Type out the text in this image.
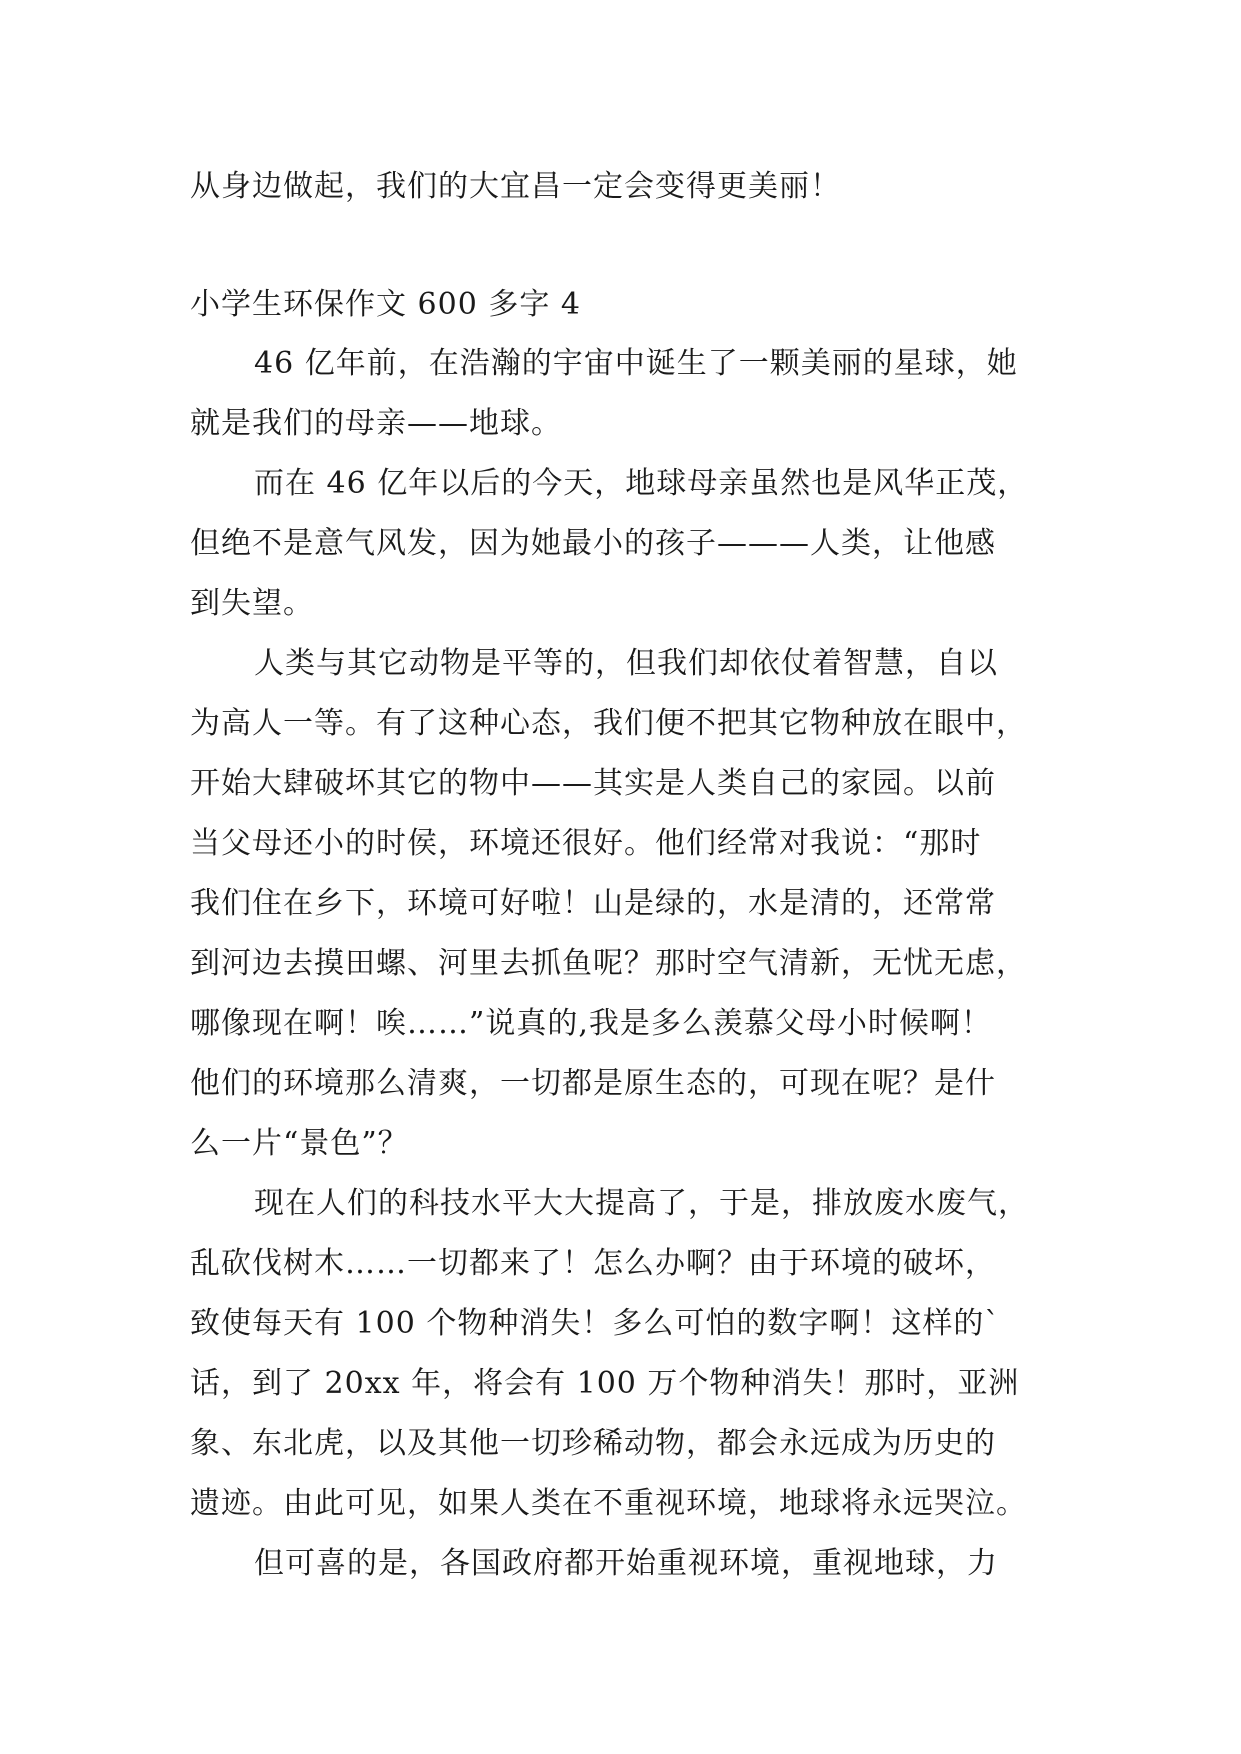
从身边做起，我们的大宜昌一定会变得更美丽！
小学生环保作文 600 多字 4
46 亿年前，在浩瀚的宇宙中诞生了一颗美丽的星球，她
就是我们的母亲——地球。
而在 46 亿年以后的今天，地球母亲虽然也是风华正茂，
但绝不是意气风发，因为她最小的孩子———人类，让他感
到失望。
人类与其它动物是平等的，但我们却依仗着智慧，自以
为高人一等。有了这种心态，我们便不把其它物种放在眼中，
开始大肆破坏其它的物中——其实是人类自己的家园。以前
当父母还小的时侯，环境还很好。他们经常对我说：“那时
我们住在乡下，环境可好啦！山是绿的，水是清的，还常常
到河边去摸田螺、河里去抓鱼呢？那时空气清新，无忧无虑，
哪像现在啊！唉……”说真的,我是多么羡慕父母小时候啊！
他们的环境那么清爽，一切都是原生态的，可现在呢？是什
么一片“景色”？
现在人们的科技水平大大提高了，于是，排放废水废气，
乱砍伐树木……一切都来了！怎么办啊？由于环境的破坏，
致使每天有 100 个物种消失！多么可怕的数字啊！这样的`
话，到了 20xx 年，将会有 100 万个物种消失！那时，亚洲
象、东北虎，以及其他一切珍稀动物，都会永远成为历史的
遗迹。由此可见，如果人类在不重视环境，地球将永远哭泣。
但可喜的是，各国政府都开始重视环境，重视地球，力
